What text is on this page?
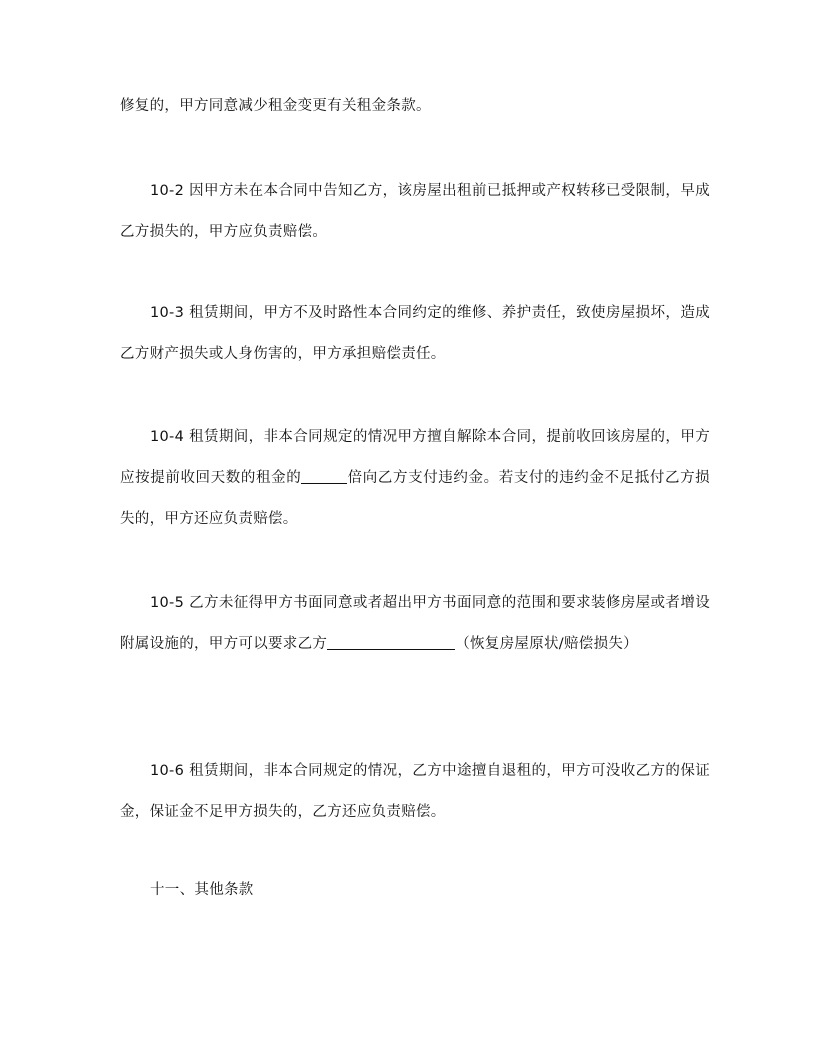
修复的，甲方同意减少租金变更有关租金条款。

10-2 因甲方未在本合同中告知乙方，该房屋出租前已抵押或产权转移已受限制，早成乙方损失的，甲方应负责赔偿。

10-3 租赁期间，甲方不及时路性本合同约定的维修、养护责任，致使房屋损坏，造成乙方财产损失或人身伤害的，甲方承担赔偿责任。

10-4 租赁期间，非本合同规定的情况甲方擅自解除本合同，提前收回该房屋的，甲方应按提前收回天数的租金的	倍向乙方支付违约金。若支付的违约金不足抵付乙方损失的，甲方还应负责赔偿。

10-5 乙方未征得甲方书面同意或者超出甲方书面同意的范围和要求装修房屋或者增设附属设施的，甲方可以要求乙方	（恢复房屋原状/赔偿损失）

10-6 租赁期间，非本合同规定的情况，乙方中途擅自退租的，甲方可没收乙方的保证金，保证金不足甲方损失的，乙方还应负责赔偿。

十一、其他条款
